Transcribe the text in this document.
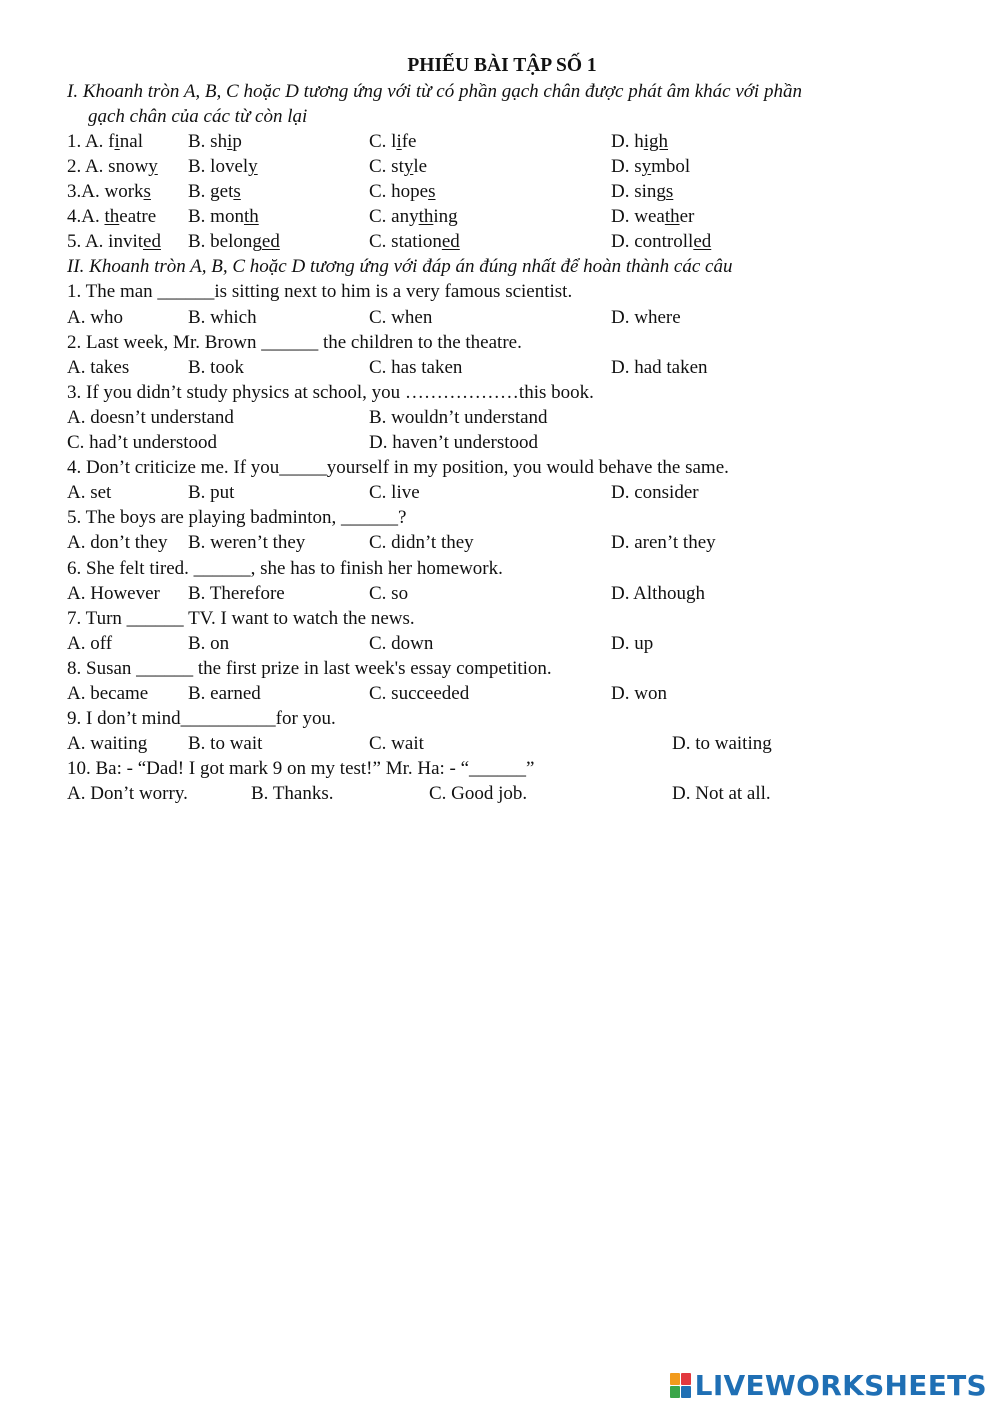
PHIẾU BÀI TẬP SỐ 1
I. Khoanh tròn A, B, C hoặc D tương ứng với từ có phần gạch chân được phát âm khác với phần
gạch chân của các từ còn lại
1. A. final B. ship	C. life	D. high
2. A. snowy B. lovely	C. style	D. symbol
3.A. works B. gets	C. hopes	D. sings
4.A. theatre B. month	C. anything	D. weather
5. A. invited B. belonged	C. stationed	D. controlled
II. Khoanh tròn A, B, C hoặc D tương ứng với đáp án đúng nhất để hoàn thành các câu
1. The man ______is sitting next to him is a very famous scientist.
A. who	B. which	C. when	D. where
2. Last week, Mr. Brown ______ the children to the theatre.
A. takes	B. took	C. has taken	D. had taken
3. If you didn’t study physics at school, you ………………this book.
A. doesn’t understand	B. wouldn’t understand
C. had’t understood	D. haven’t understood
4. Don’t criticize me. If you_____yourself in my position, you would behave the same.
A. set	B. put	C. live	D. consider
5. The boys are playing badminton, ______?
A. don’t they B. weren’t they	C. didn’t they	D. aren’t they
6. She felt tired. ______, she has to finish her homework.
A. However B. Therefore	C. so	D. Although
7. Turn ______ TV. I want to watch the news.
A. off	B. on	C. down	D. up
8. Susan ______ the first prize in last week's essay competition.
A. became B. earned	C. succeeded	D. won
9. I don’t mind__________for you.
A. waiting B. to wait	C. wait	D. to waiting
10. Ba: - “Dad! I got mark 9 on my test!” Mr. Ha: - “______”
A. Don’t worry.	B. Thanks.	C. Good job.	D. Not at all.
LIVEWORKSHEETS
